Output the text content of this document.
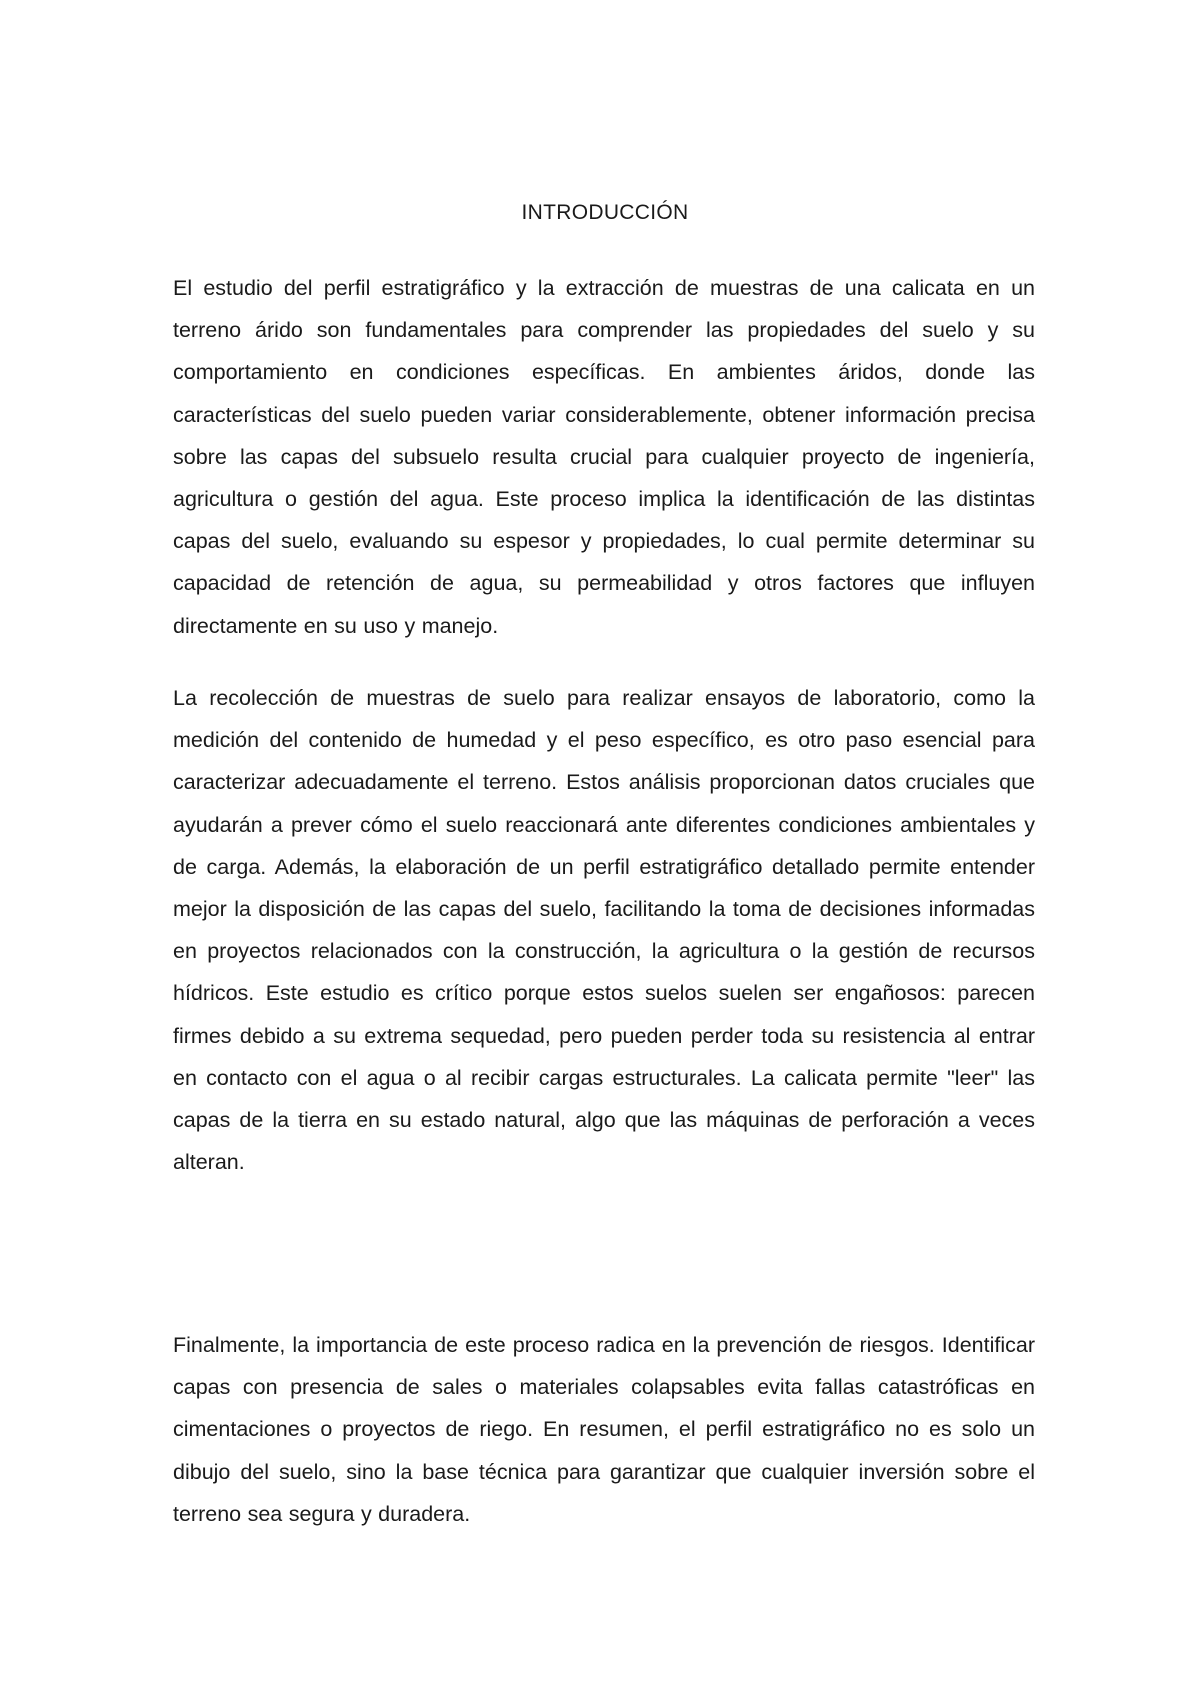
INTRODUCCIÓN

El estudio del perfil estratigráfico y la extracción de muestras de una calicata en un terreno árido son fundamentales para comprender las propiedades del suelo y su comportamiento en condiciones específicas. En ambientes áridos, donde las características del suelo pueden variar considerablemente, obtener información precisa sobre las capas del subsuelo resulta crucial para cualquier proyecto de ingeniería, agricultura o gestión del agua. Este proceso implica la identificación de las distintas capas del suelo, evaluando su espesor y propiedades, lo cual permite determinar su capacidad de retención de agua, su permeabilidad y otros factores que influyen directamente en su uso y manejo.

La recolección de muestras de suelo para realizar ensayos de laboratorio, como la medición del contenido de humedad y el peso específico, es otro paso esencial para caracterizar adecuadamente el terreno. Estos análisis proporcionan datos cruciales que ayudarán a prever cómo el suelo reaccionará ante diferentes condiciones ambientales y de carga. Además, la elaboración de un perfil estratigráfico detallado permite entender mejor la disposición de las capas del suelo, facilitando la toma de decisiones informadas en proyectos relacionados con la construcción, la agricultura o la gestión de recursos hídricos. Este estudio es crítico porque estos suelos suelen ser engañosos: parecen firmes debido a su extrema sequedad, pero pueden perder toda su resistencia al entrar en contacto con el agua o al recibir cargas estructurales. La calicata permite "leer" las capas de la tierra en su estado natural, algo que las máquinas de perforación a veces alteran.

Finalmente, la importancia de este proceso radica en la prevención de riesgos. Identificar capas con presencia de sales o materiales colapsables evita fallas catastróficas en cimentaciones o proyectos de riego. En resumen, el perfil estratigráfico no es solo un dibujo del suelo, sino la base técnica para garantizar que cualquier inversión sobre el terreno sea segura y duradera.
